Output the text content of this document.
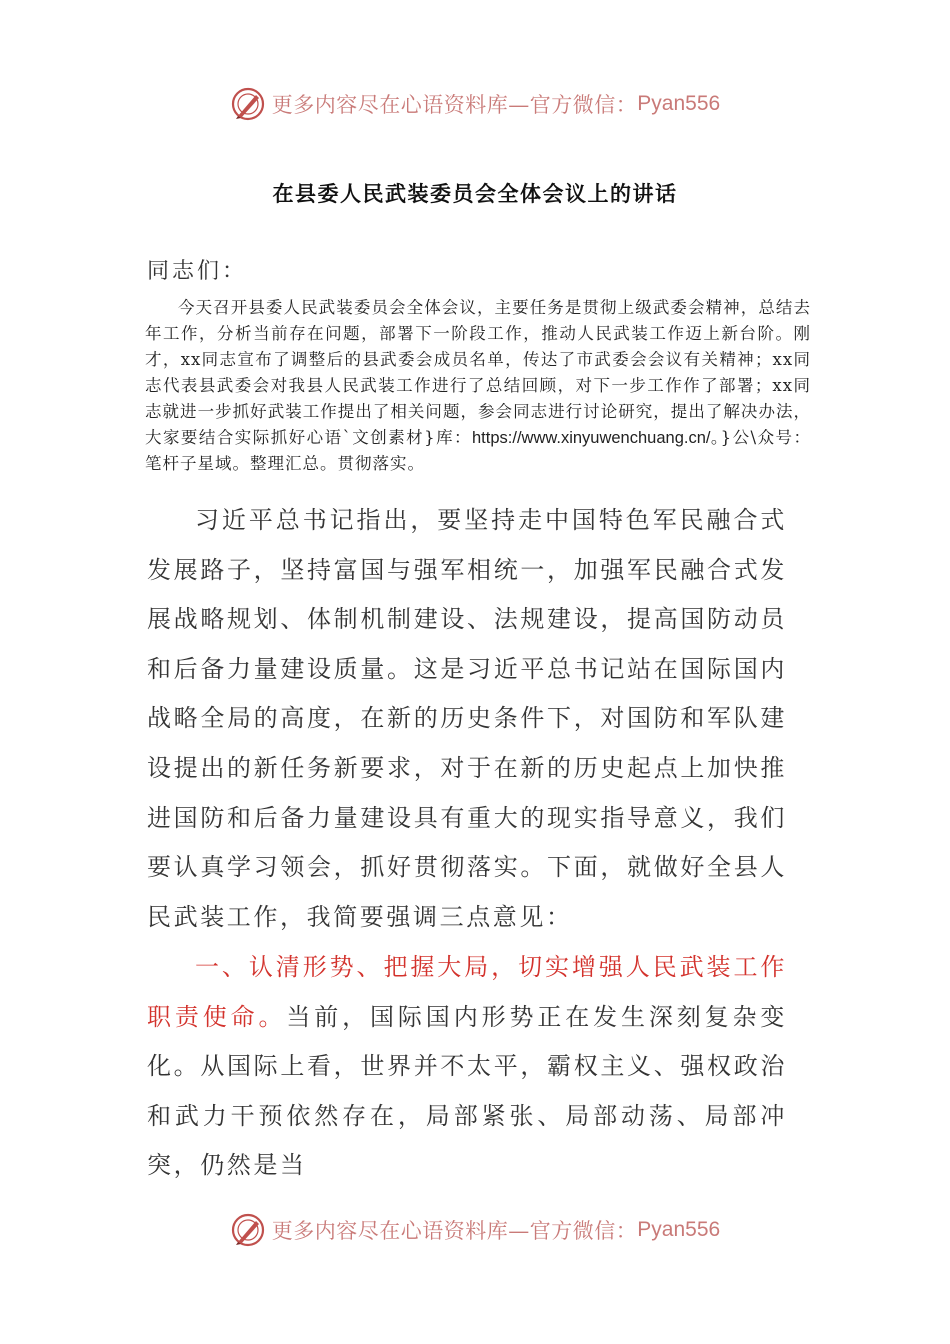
更多内容尽在心语资料库—官方微信： Pyan556
在县委人民武装委员会全体会议上的讲话
同志们：
今天召开县委人民武装委员会全体会议，主要任务是贯彻上级武委会精神，总结去年工作，分析当前存在问题，部署下一阶段工作，推动人民武装工作迈上新台阶。刚才，xx同志宣布了调整后的县武委会成员名单，传达了市武委会会议有关精神；xx同志代表县武委会对我县人民武装工作进行了总结回顾，对下一步工作作了部署；xx同志就进一步抓好武装工作提出了相关问题，参会同志进行讨论研究，提出了解决办法，大家要结合实际抓好心语`文创素材}库：https://www.xinyuwenchuang.cn/。}公\众号：笔杆子星域。整理汇总。贯彻落实。
习近平总书记指出，要坚持走中国特色军民融合式发展路子，坚持富国与强军相统一，加强军民融合式发展战略规划、体制机制建设、法规建设，提高国防动员和后备力量建设质量。这是习近平总书记站在国际国内战略全局的高度，在新的历史条件下，对国防和军队建设提出的新任务新要求，对于在新的历史起点上加快推进国防和后备力量建设具有重大的现实指导意义，我们要认真学习领会，抓好贯彻落实。下面，就做好全县人民武装工作，我简要强调三点意见：
一、认清形势、把握大局，切实增强人民武装工作职责使命。当前，国际国内形势正在发生深刻复杂变化。从国际上看，世界并不太平，霸权主义、强权政治和武力干预依然存在，局部紧张、局部动荡、局部冲突，仍然是当
更多内容尽在心语资料库—官方微信： Pyan556
